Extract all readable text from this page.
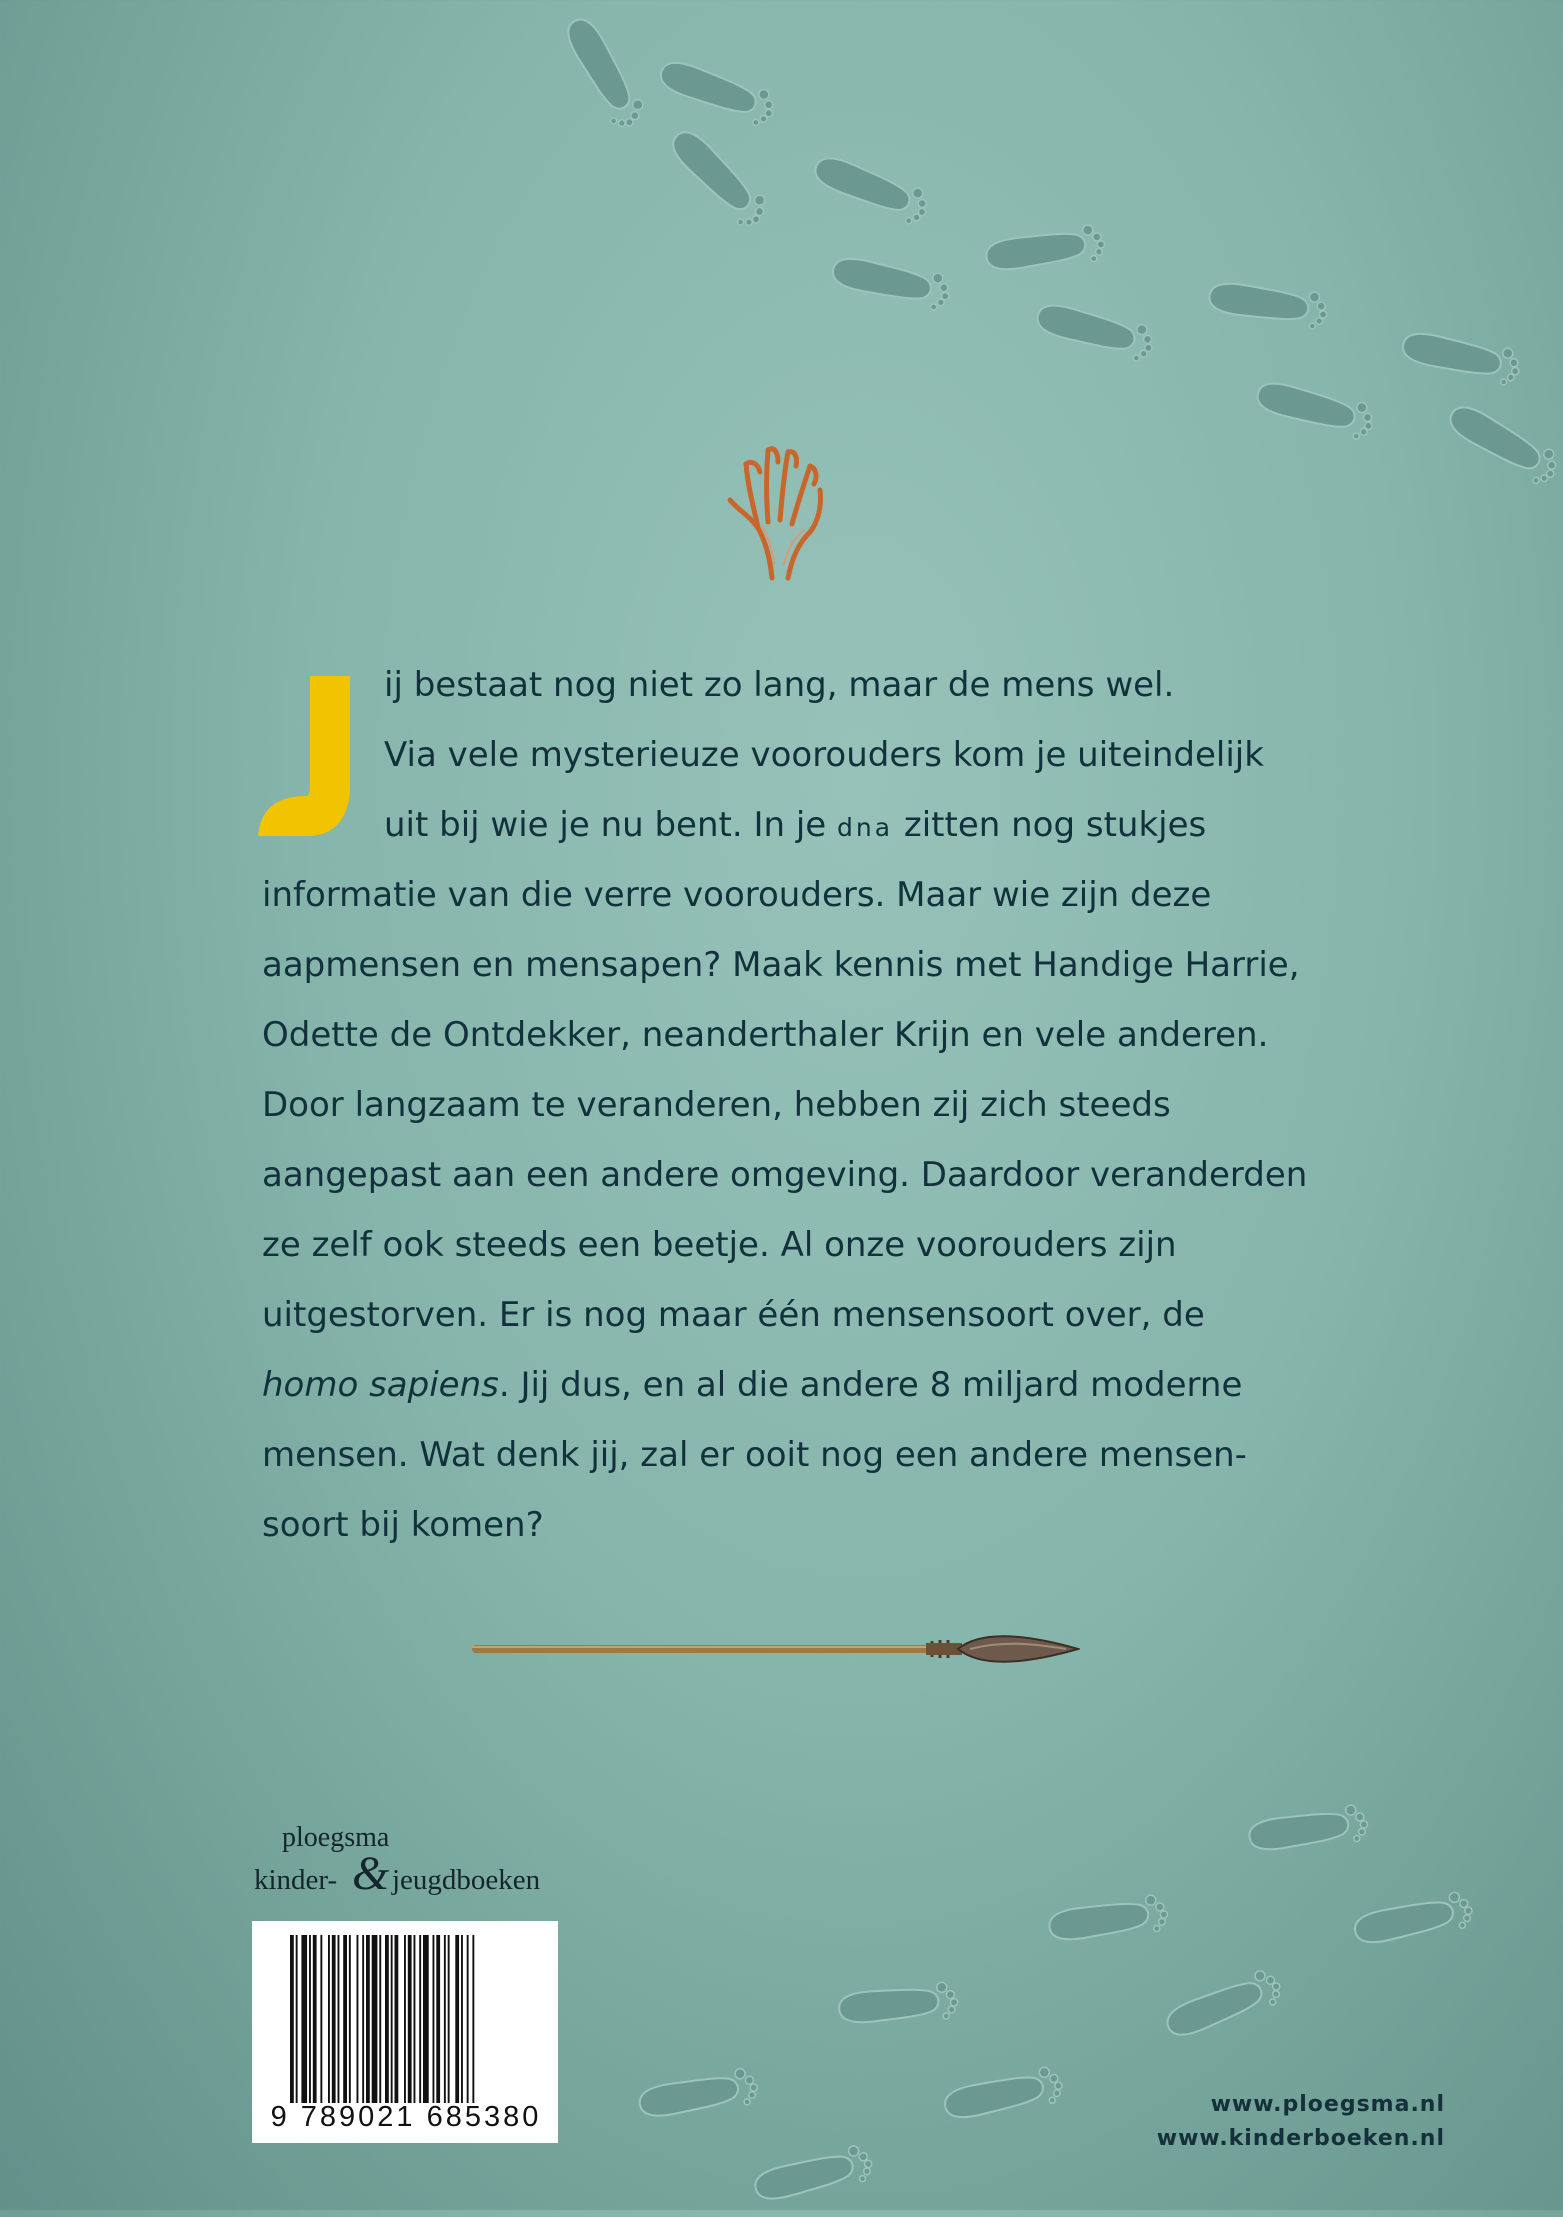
ij bestaat nog niet zo lang, maar de mens wel.
Via vele mysterieuze voorouders kom je uiteindelijk
uit bij wie je nu bent. In je dna zitten nog stukjes
informatie van die verre voorouders. Maar wie zijn deze
aapmensen en mensapen? Maak kennis met Handige Harrie,
Odette de Ontdekker, neanderthaler Krijn en vele anderen.
Door langzaam te veranderen, hebben zij zich steeds
aangepast aan een andere omgeving. Daardoor veranderden
ze zelf ook steeds een beetje. Al onze voorouders zijn
uitgestorven. Er is nog maar één mensensoort over, de
homo sapiens. Jij dus, en al die andere 8 miljard moderne
mensen. Wat denk jij, zal er ooit nog een andere mensen-
soort bij komen?
ploegsma
kinder- & jeugdboeken
9 789021 685380	www.ploegsma.nl
www.kinderboeken.nl
